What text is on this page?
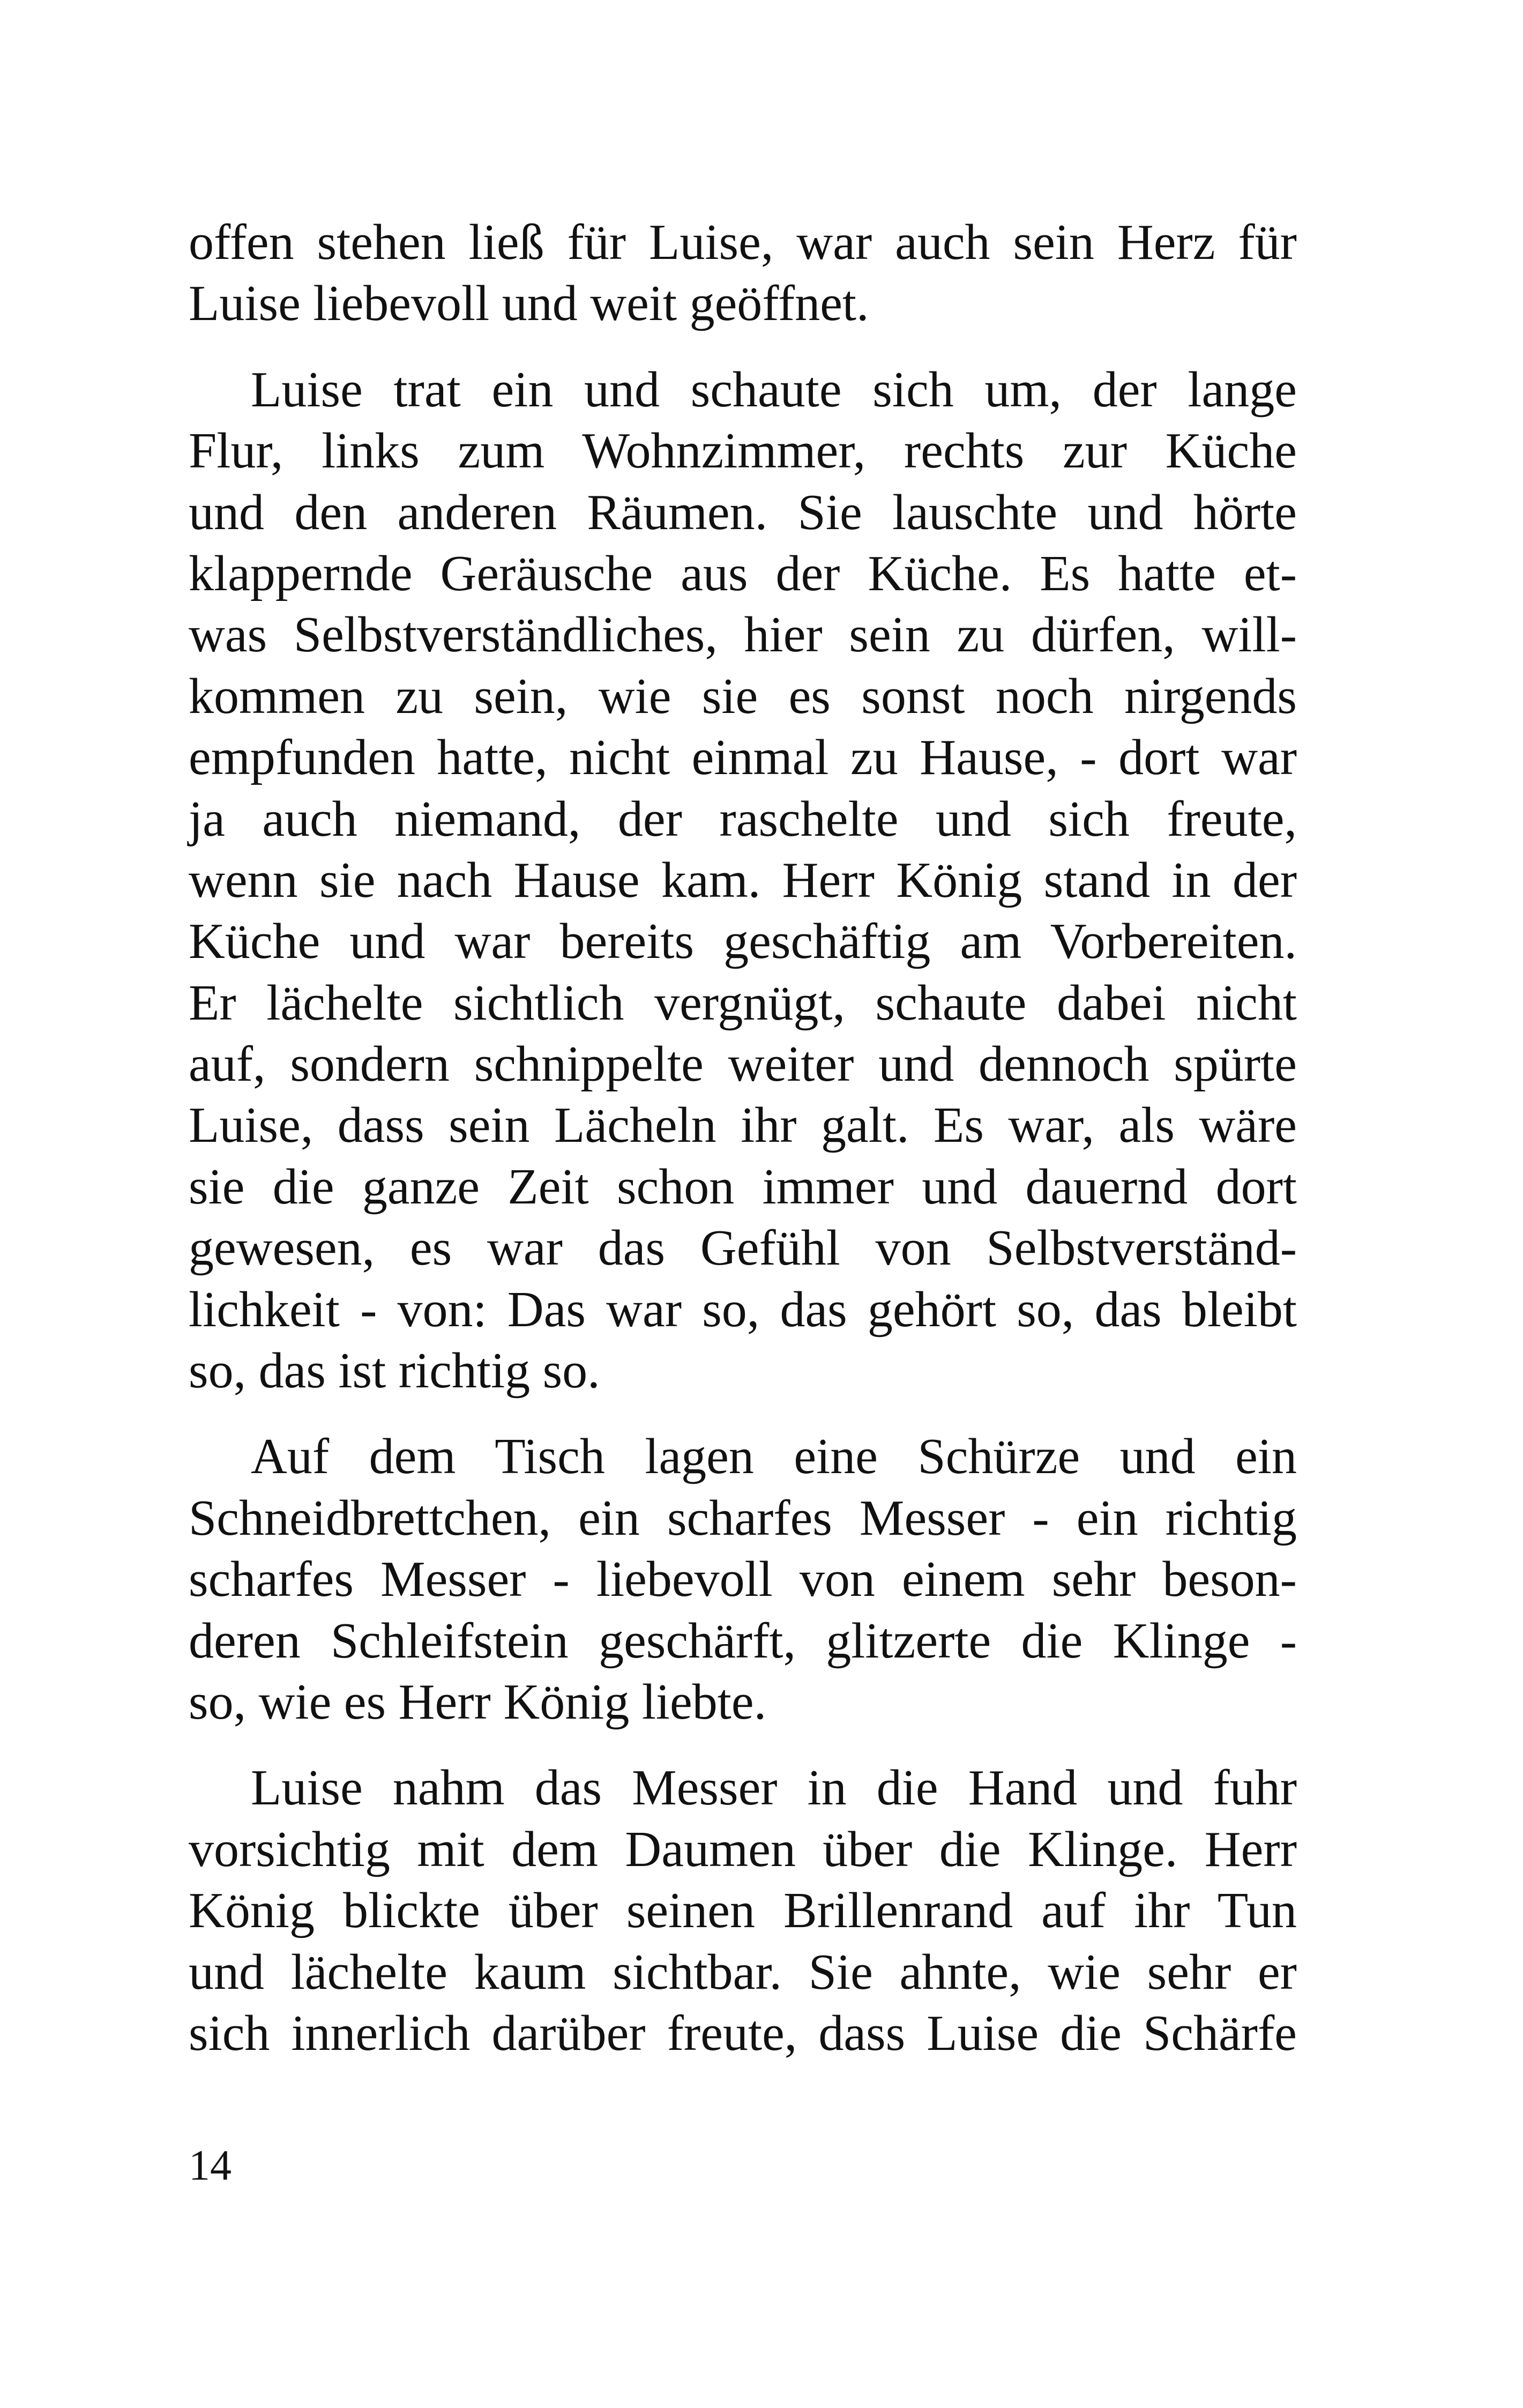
offen stehen ließ für Luise, war auch sein Herz für
Luise liebevoll und weit geöffnet.

Luise trat ein und schaute sich um, der lange
Flur, links zum Wohnzimmer, rechts zur Küche
und den anderen Räumen. Sie lauschte und hörte
klappernde Geräusche aus der Küche. Es hatte et-
was Selbstverständliches, hier sein zu dürfen, will-
kommen zu sein, wie sie es sonst noch nirgends
empfunden hatte, nicht einmal zu Hause, - dort war
ja auch niemand, der raschelte und sich freute,
wenn sie nach Hause kam. Herr König stand in der
Küche und war bereits geschäftig am Vorbereiten.
Er lächelte sichtlich vergnügt, schaute dabei nicht
auf, sondern schnippelte weiter und dennoch spürte
Luise, dass sein Lächeln ihr galt. Es war, als wäre
sie die ganze Zeit schon immer und dauernd dort
gewesen, es war das Gefühl von Selbstverständ-
lichkeit - von: Das war so, das gehört so, das bleibt
so, das ist richtig so.

Auf dem Tisch lagen eine Schürze und ein
Schneidbrettchen, ein scharfes Messer - ein richtig
scharfes Messer - liebevoll von einem sehr beson-
deren Schleifstein geschärft, glitzerte die Klinge -
so, wie es Herr König liebte.

Luise nahm das Messer in die Hand und fuhr
vorsichtig mit dem Daumen über die Klinge. Herr
König blickte über seinen Brillenrand auf ihr Tun
und lächelte kaum sichtbar. Sie ahnte, wie sehr er
sich innerlich darüber freute, dass Luise die Schärfe

14
